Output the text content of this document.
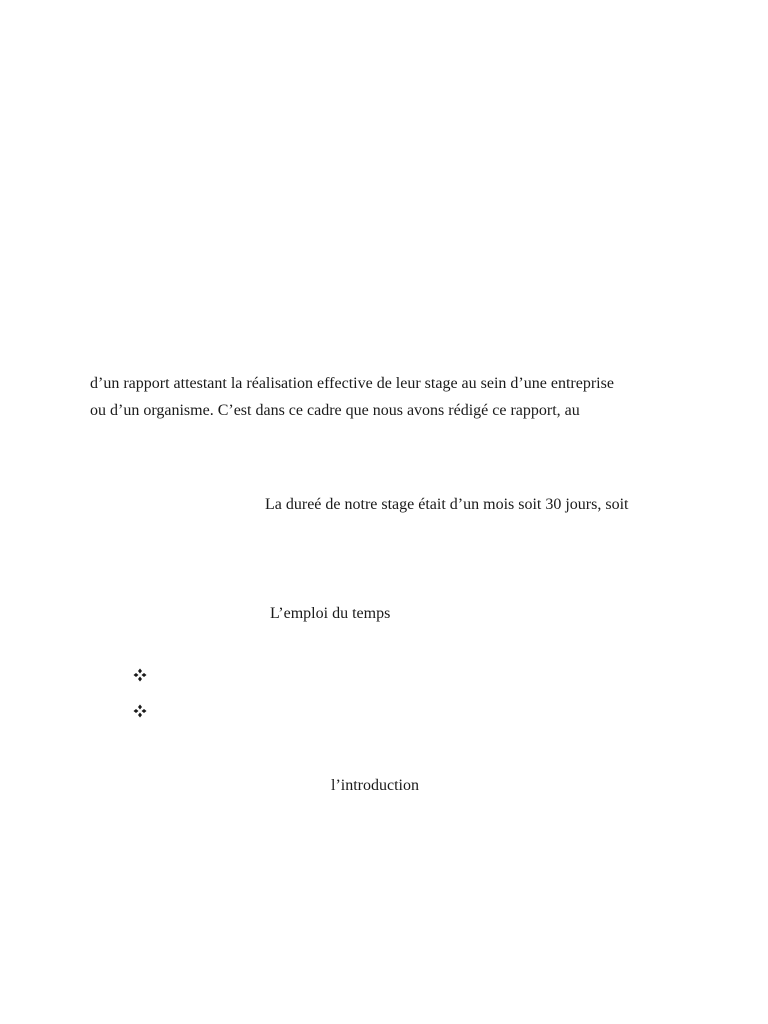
d’un rapport attestant la réalisation effective de leur stage au sein d’une entreprise
ou d’un organisme. C’est dans ce cadre que nous avons rédigé ce rapport, au
La dureé de notre stage était d’un mois soit 30 jours, soit
L’emploi du temps
l’introduction
